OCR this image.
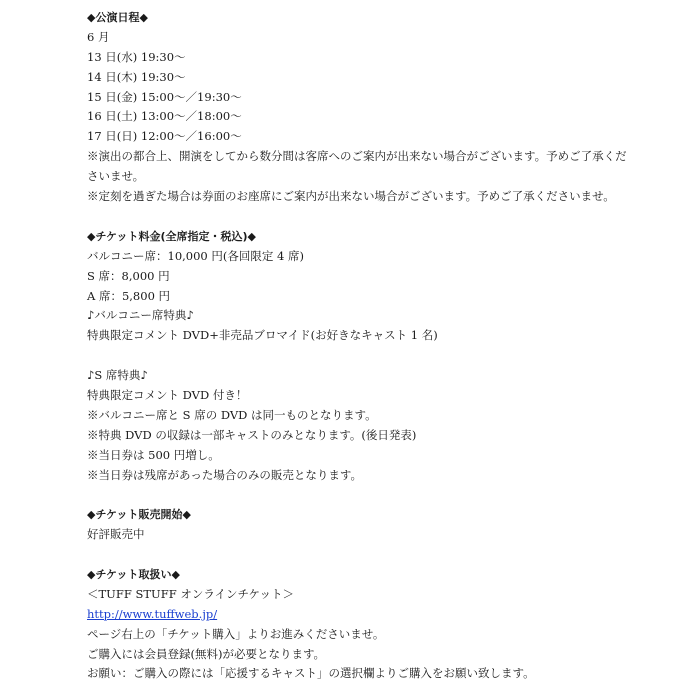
◆公演日程◆
6 月
13 日(水) 19:30～
14 日(木) 19:30～
15 日(金) 15:00～／19:30～
16 日(土) 13:00～／18:00～
17 日(日) 12:00～／16:00～
※演出の都合上、開演をしてから数分間は客席へのご案内が出来ない場合がございます。予めご了承くださいませ。
※定刻を過ぎた場合は券面のお座席にご案内が出来ない場合がございます。予めご了承くださいませ。
◆チケット料金(全席指定・税込)◆
バルコニー席：10,000 円(各回限定 4 席)
S 席：8,000 円
A 席：5,800 円
♪バルコニー席特典♪
特典限定コメント DVD+非売品ブロマイド(お好きなキャスト 1 名)
♪S 席特典♪
特典限定コメント DVD 付き！
※バルコニー席と S 席の DVD は同一ものとなります。
※特典 DVD の収録は一部キャストのみとなります。(後日発表)
※当日券は 500 円増し。
※当日券は残席があった場合のみの販売となります。
◆チケット販売開始◆
好評販売中
◆チケット取扱い◆
＜TUFF STUFF オンラインチケット＞
http://www.tuffweb.jp/
ページ右上の「チケット購入」よりお進みくださいませ。
ご購入には会員登録(無料)が必要となります。
お願い：ご購入の際には「応援するキャスト」の選択欄よりご購入をお願い致します。
